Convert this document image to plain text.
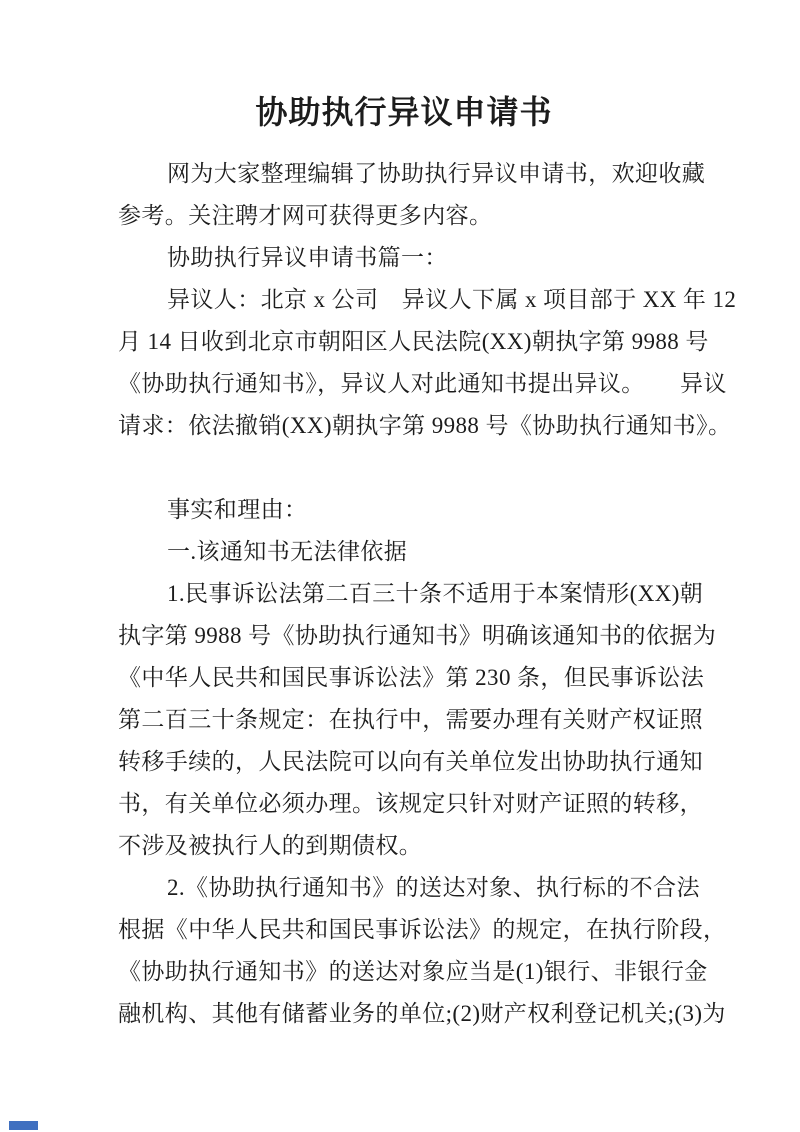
协助执行异议申请书
网为大家整理编辑了协助执行异议申请书，欢迎收藏
参考。关注聘才网可获得更多内容。
协助执行异议申请书篇一：
异议人：北京 x 公司　异议人下属 x 项目部于 XX 年 12
月 14 日收到北京市朝阳区人民法院(XX)朝执字第 9988 号
《协助执行通知书》，异议人对此通知书提出异议。　　异议
请求：依法撤销(XX)朝执字第 9988 号《协助执行通知书》。
事实和理由：
一.该通知书无法律依据
1.民事诉讼法第二百三十条不适用于本案情形(XX)朝
执字第 9988 号《协助执行通知书》明确该通知书的依据为
《中华人民共和国民事诉讼法》第 230 条，但民事诉讼法
第二百三十条规定：在执行中，需要办理有关财产权证照
转移手续的，人民法院可以向有关单位发出协助执行通知
书，有关单位必须办理。该规定只针对财产证照的转移，
不涉及被执行人的到期债权。
2.《协助执行通知书》的送达对象、执行标的不合法
根据《中华人民共和国民事诉讼法》的规定，在执行阶段，
《协助执行通知书》的送达对象应当是(1)银行、非银行金
融机构、其他有储蓄业务的单位;(2)财产权利登记机关;(3)为
